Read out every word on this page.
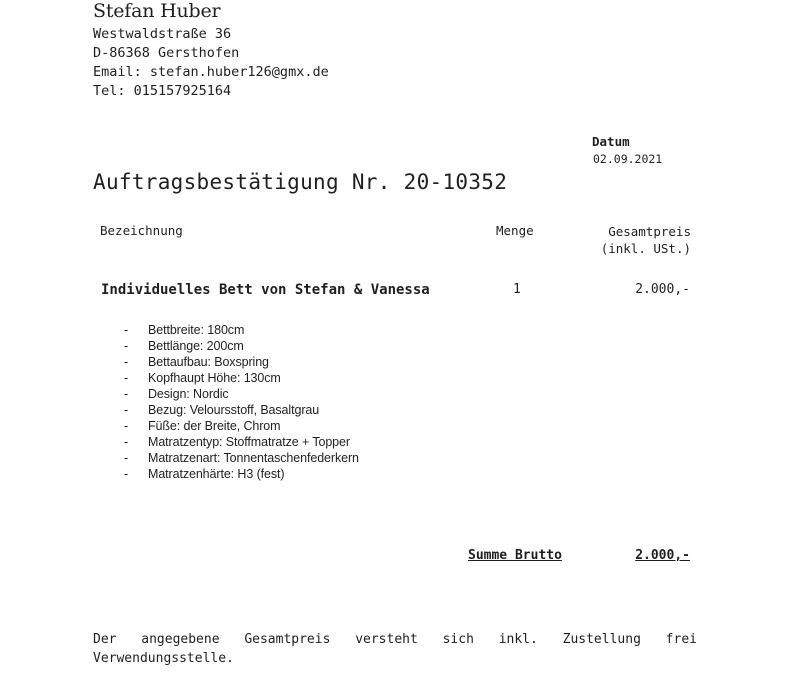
Stefan Huber
Westwaldstraße 36
D-86368 Gersthofen
Email: stefan.huber126@gmx.de
Tel: 015157925164
Datum
02.09.2021
Auftragsbestätigung Nr. 20-10352
Bezeichnung	Menge	Gesamtpreis (inkl. USt.)
Individuelles Bett von Stefan & Vanessa	1	2.000,-
- Bettbreite: 180cm
- Bettlänge: 200cm
- Bettaufbau: Boxspring
- Kopfhaupt Höhe: 130cm
- Design: Nordic
- Bezug: Veloursstoff, Basaltgrau
- Füße: der Breite, Chrom
- Matratzentyp: Stoffmatratze + Topper
- Matratzenart: Tonnentaschenfederkern
- Matratzenhärte: H3 (fest)
Summe Brutto	2.000,-
Der angegebene Gesamtpreis versteht sich inkl. Zustellung frei Verwendungsstelle.
